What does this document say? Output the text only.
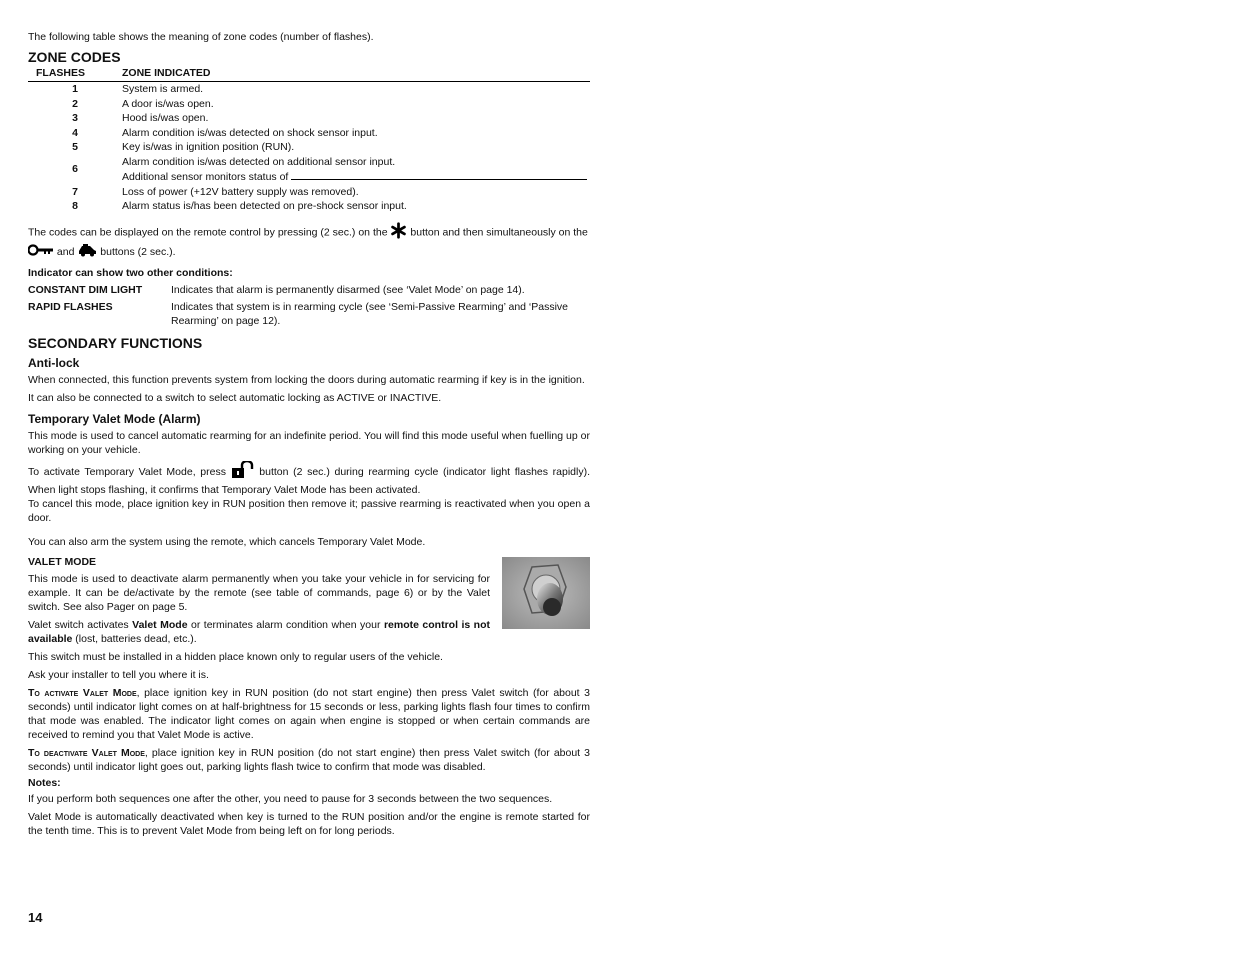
The following table shows the meaning of zone codes (number of flashes).

ZONE CODES
FLASHES	ZONE INDICATED
1	System is armed.
2	A door is/was open.
3	Hood is/was open.
4	Alarm condition is/was detected on shock sensor input.
5	Key is/was in ignition position (RUN).
6	Alarm condition is/was detected on additional sensor input.
Additional sensor monitors status of
7	Loss of power (+12V battery supply was removed).
8	Alarm status is/has been detected on pre-shock sensor input.

The codes can be displayed on the remote control by pressing (2 sec.) on the button and then simultaneously on the
and buttons (2 sec.).

Indicator can show two other conditions:
CONSTANT DIM LIGHT	Indicates that alarm is permanently disarmed (see ‘Valet Mode’ on page 14).
RAPID FLASHES	Indicates that system is in rearming cycle (see ‘Semi-Passive Rearming’ and ‘Passive Rearming’ on page 12).
SECONDARY FUNCTIONS
Anti-lock

When connected, this function prevents system from locking the doors during automatic rearming if key is in the ignition.

It can also be connected to a switch to select automatic locking as ACTIVE or INACTIVE.

Temporary Valet Mode (Alarm)

This mode is used to cancel automatic rearming for an indefinite period. You will find this mode useful when fuelling up or working on your vehicle.

To activate Temporary Valet Mode, press	button (2 sec.) during rearming cycle (indicator light flashes rapidly). When light stops flashing, it confirms that Temporary Valet Mode has been activated.

To cancel this mode, place ignition key in RUN position then remove it; passive rearming is reactivated when you open a door.

You can also arm the system using the remote, which cancels Temporary Valet Mode.

VALET MODE

This mode is used to deactivate alarm permanently when you take your vehicle in for servicing for example. It can be de/activate by the remote (see table of commands, page 6) or by the Valet switch. See also Pager on page 5.

Valet switch activates Valet Mode or terminates alarm condition when your remote control is not available (lost, batteries dead, etc.).

This switch must be installed in a hidden place known only to regular users of the vehicle.

Ask your installer to tell you where it is.

To activate Valet Mode, place ignition key in RUN position (do not start engine) then press Valet switch (for about 3 seconds) until indicator light comes on at half-brightness for 15 seconds or less, parking lights flash four times to confirm that mode was enabled. The indicator light comes on again when engine is stopped or when certain commands are received to remind you that Valet Mode is active.

To deactivate Valet Mode, place ignition key in RUN position (do not start engine) then press Valet switch (for about 3 seconds) until indicator light goes out, parking lights flash twice to confirm that mode was disabled.

Notes:

If you perform both sequences one after the other, you need to pause for 3 seconds between the two sequences.

Valet Mode is automatically deactivated when key is turned to the RUN position and/or the engine is remote started for the tenth time. This is to prevent Valet Mode from being left on for long periods.

14
